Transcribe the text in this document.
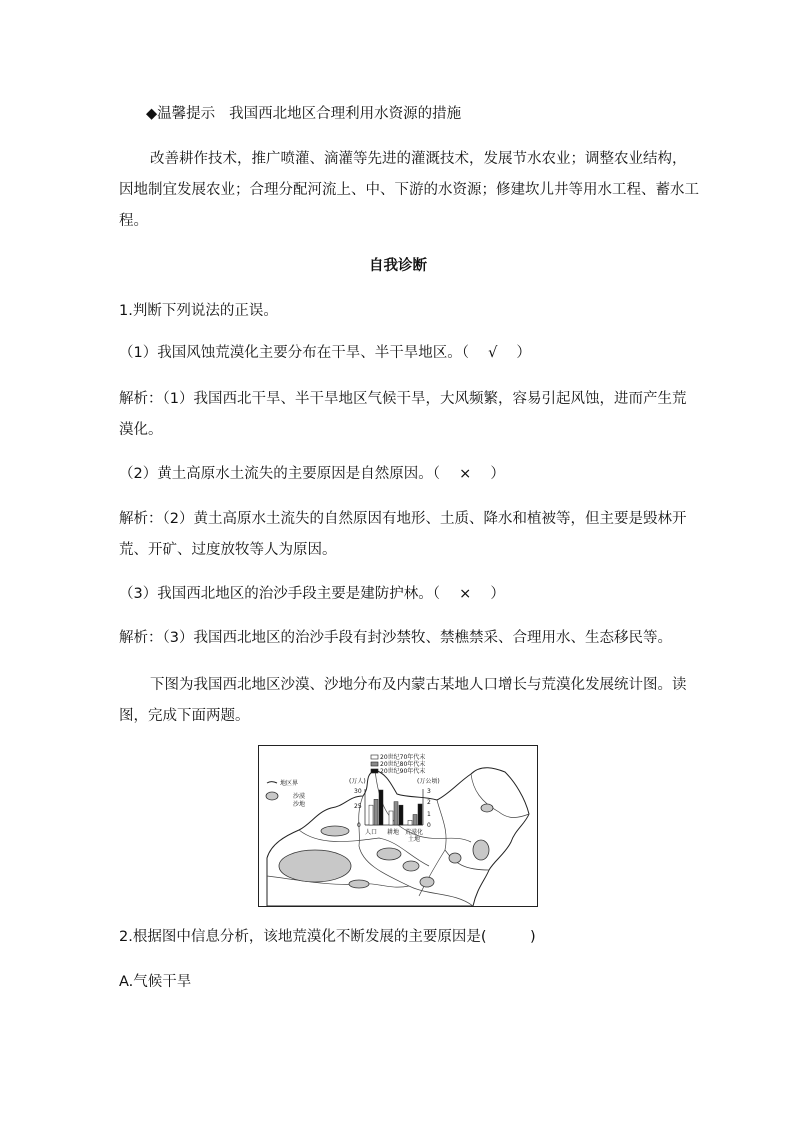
◆温馨提示 我国西北地区合理利用水资源的措施
改善耕作技术，推广喷灌、滴灌等先进的灌溉技术，发展节水农业；调整农业结构，
因地制宜发展农业；合理分配河流上、中、下游的水资源；修建坎儿井等用水工程、蓄水工
程。
自我诊断
1.判断下列说法的正误。
（1）我国风蚀荒漠化主要分布在干旱、半干旱地区。（　 √　 ）
解析：（1）我国西北干旱、半干旱地区气候干旱，大风频繁，容易引起风蚀，进而产生荒
漠化。
（2）黄土高原水土流失的主要原因是自然原因。（　 ×　 ）
解析：（2）黄土高原水土流失的自然原因有地形、土质、降水和植被等，但主要是毁林开
荒、开矿、过度放牧等人为原因。
（3）我国西北地区的治沙手段主要是建防护林。（　 ×　 ）
解析：（3）我国西北地区的治沙手段有封沙禁牧、禁樵禁采、合理用水、生态移民等。
下图为我国西北地区沙漠、沙地分布及内蒙古某地人口增长与荒漠化发展统计图。读
图，完成下面两题。
地区界
沙漠
沙地
20世纪70年代末
20世纪80年代末
20世纪90年代末
(万人)	(万公顷)
30
25
0
3
2
1
0
人口 耕地 荒漠化
土地
2.根据图中信息分析，该地荒漠化不断发展的主要原因是(　　　)
A.气候干旱
